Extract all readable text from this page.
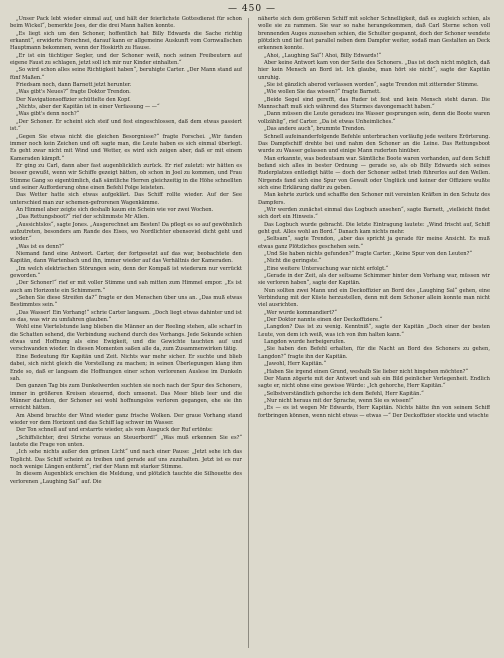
— 450 —

„Unser Pack lebt wieder einmal auf, und hält der feierlichste Gottesdienst für schon beim Wickel“, bemerkte Joes, der die drei Mann halten konnte.

„Es liegt sich um den Schoner, hoffentlich hat Billy Edwards die Sache richtig erkannt“, erwiderte Forschnei, darauf kann er allgemeine Auskunft vom Cornwallschen Hauptmann bekommen, wenn der Hoskirth zu Hause.

„Er ist ein tüchtiger Segler, und der Schoner weiß, noch seinen Freibeutern auf eigene Faust zu schlagen, jetzt soll ich mir nur Kinder einhalten.“

„So wird schon alles seine Richtigkeit haben“, beruhigte Carter. „Der Mann stand auf fünf Maßen.“

Friedsam noch, dann Barnett jetzt herunter.

„Was gibt's Neues?“ fragte Doktor Trendon.

Der Navigationsoffizier schüttelte den Kopf.

„Nichts, aber der Kapitän ist in einer Verfassung — —“

„Was gibt's denn noch?“

„Der Schoner. Er scheint sich steif und fest eingeschlossen, daß dem etwas passiert ist.“

„Gegen Sie etwas nicht die gleichen Besorgnisse?“ fragte Forschei. „Wir fanden immer noch kein Zeichen und oft sagte man, die Leute haben es sich einmal überlegt. Es geht zwar nicht mit Wind und Wetter, es wird sich zeigen aber, daß er mit einem Kameraden kämpft.“

Er ging zu Carl, dann aber fast augenblicklich zurück. Er rief zuletzt: wir hätten es besser gewußt, wenn wir Schiffe gezeigt hätten, ob schon in Joel zu kommen, und Frau Stimme Gang so eigentümlich, daß sämtliche Herren gleichzeitig in die Höhe schnellten und seiner Aufforderung ohne einen Befehl Folge leisteten.

Das Wetter hatte sich etwas aufgeklärt. Das Schiff rollte wieder. Auf der See unterschied man zur schemen-gefrorenen Wagenkämme.

An Himmel aber zeigte sich deshalb kaum ein Schein wie vor zwei Wochen.

„Das Rettungsboot?“ rief der schlimmste Mr Allen.

„Aussichtslos“, sagte Jones. „Ausgerechnet am Besten! Da pflegt es so auf gewöhnlich aufzutreten, besonders am Rande des Eises, wo Nordlichter ebensoviel dicht geht und wieder.“

„Was ist es denn?“

Niemand fand eine Antwort. Carter, der fortgesetzt auf das war, beobachtete den Kapitän, dann Wartenbach und ihn, immer wieder auf das Verhältnis der Kameraden.

„Im welch elektrischen Störungen sein, denn der Kompaß ist wiederum nur verrückt geworden.“

„Der Schoner!“ rief er mit voller Stimme und sah mitten zum Himmel empor. „Es ist auch am Horizonte ein Schimmern.“

„Sehen Sie diese Streifen da?“ fragte er den Menschen über uns an. „Das muß etwas Bestimmtes sein.“

„Das Wasser! Ein Vorhang!“ schrie Carter langsam. „Doch liegt etwas dahinter und ist es das, was wir zu umfahren glauben.“

Wohl eine Viertelstunde lang blieben die Männer an der Reeling stehen, alle scharf in die Schatten sehend, die Verbindung suchend durch des Vorhangs. Jede Sekunde schien etwas und Hoffnung als eine Ewigkeit, und die Gewichte tauchten auf und verschwanden wieder. In diesen Momenten saßen alle da, zum Zusammenwirken tätig.

Eine Bedeutung für Kapitän und Zeit. Nichts war mehr sicher. Er suchte und blieb dabei, sich nicht gleich die Vorstellung zu machen; in seinen Überlegungen klang ihm Ende so, daß er langsam die Hoffnungen einer schon verlorenen Auslese im Dunkeln sah.

Den ganzen Tag bis zum Dunkelwerden suchten sie noch nach der Spur des Schoners, immer in größeren Kreisen steuernd, doch umsonst. Das Meer blieb leer und die Männer dachten, der Schoner sei wohl hoffnungslos verloren gegangen, ehe sie ihn erreicht hätten.

Am Abend brachte der Wind wieder ganz frische Wolken. Der graue Vorhang stand wieder vor dem Horizont und das Schiff lag schwer im Wasser.

Der Ton schnell auf und erstarrte wieder, als vom Ausguck der Ruf ertönte:

„Schiffslichter, drei Striche voraus an Steuerbord!“ „Was muß erkennen Sie es?“ lautete die Frage von unten.

„Ich sehe nichts außer den grünen Licht“ und nach einer Pause: „Jetzt sehe ich das Toplicht. Das Schiff scheint zu treiben und gerade auf uns zuzuhalten. Jetzt ist es nur noch wenige Längen entfernt“, rief der Mann mit starker Stimme.

In diesem Augenblick erschien die Meldung, und plötzlich tauchte die Silhouette des verlorenen „Laughing Sal“ auf. Die

näherte sich dem größeren Schiff mit solcher Schnelligkeit, daß es zugleich schien, als wolle sie zu rammen. Sie war so nahe herangekommen, daß Carl Sterne schon voll brennenden Auges zuzusehen schien, die Schulter gespannt, doch der Schoner wendete plötzlich und lief fast parallel neben dem Dampfer weiter, sodaß man Gestalten an Deck erkennen konnte.

„Ahoi, „Laughing Sal“! Ahoi, Billy Edwards!“

Aber keine Antwort kam von der Seite des Schoners. „Das ist doch nicht möglich, daß hier kein Mensch an Bord ist. Ich glaube, man hört sie nicht“, sagte der Kapitän unruhig.

„Sie ist gänzlich aberod verlassen worden“, sagte Trendon mit zitternder Stimme.

„Wie wollen Sie das wissen?“ fragte Barnett.

„Beide Segel sind gerefft, das Ruder ist fest und kein Mensch steht daran. Die Mannschaft muß sich während des Sturmes davongemacht haben.“

„Dann müssen die Leute geradezu ins Wasser gesprungen sein, denn die Boote waren vollzählig“, rief Carter. „Da ist etwas Unheimliches.“

„Das andere auch“, brummte Trendon.

Schnell aufeinanderfolgende Befehle unterbrachen vorläufig jede weitere Erörterung. Das Dampfschiff drehte bei und nahm den Schoner an die Leine. Das Rettungsboot wurde zu Wasser gelassen und einige Mann ruderten hinüber.

Man erkannte, was bedeutsam war. Sämtliche Boote waren vorhanden, auf dem Schiff befand sich alles in bester Ordnung — gerade so, als ob Billy Edwards sich seines Ruderplatzes entledigt hätte — doch der Schoner selbst trieb führerlos auf den Wellen. Nirgends fand sich eine Spur von Gewalt oder Unglück und keiner der Offiziere wußte sich eine Erklärung dafür zu geben.

Man kehrte zurück und schaffte den Schoner mit vereinten Kräften in den Schutz des Dampfers.

„Wir werden zunächst einmal das Logbuch ansehen“, sagte Barnett, „vielleicht findet sich dort ein Hinweis.“

Das Logbuch wurde gebracht. Die letzte Eintragung lautete: „Wind frischt auf, Schiff geht gut. Alles wohl an Bord.“ Danach kam nichts mehr.

„Seltsam“, sagte Trendon, „aber das spricht ja gerade für meine Ansicht. Es muß etwas ganz Plötzliches geschehen sein.“

„Und Sie haben nichts gefunden?“ fragte Carter. „Keine Spur von den Leuten?“

„Nicht die geringste.“

„Eine weitere Untersuchung war nicht erfolgt.“

„Gerade in der Zeit, als der seltsame Schimmer hinter dem Vorhang war, müssen wir sie verloren haben“, sagte der Kapitän.

Nun sollten zwei Mann und ein Deckoffizier an Bord des „Laughing Sal“ gehen, eine Verbindung mit der Küste herzustellen, denn mit dem Schoner allein konnte man nicht viel ausrichten.

„Wer wurde kommandiert?“

„Der Doktor nannte einen der Deckoffiziere.“

„Langdon? Das ist zu wenig. Kenntniß“, sagte der Kapitän „Doch einer der besten Leute, von dem ich weiß, was ich von ihm halten kann.“

Langdon wurde herbeigerufen.

„Sie haben den Befehl erhalten, für die Nacht an Bord des Schoners zu gehen, Langdon?“ fragte ihn der Kapitän.

„Jawohl, Herr Kapitän.“

„Haben Sie irgend einen Grund, weshalb Sie lieber nicht hingehen möchten?“

Der Mann zögerte mit der Antwort und sah ein Bild peinlicher Verlegenheit. Endlich sagte er, nicht ohne eine gewisse Würde: „Ich gehorche, Herr Kapitän.“

„Selbstverständlich gehorche ich dem Befehl, Herr Kapitän.“

„Nur nicht heraus mit der Sprache, wenn Sie es wissen!“

„Es — es ist wegen Mr Edwards, Herr Kapitän. Nichts hätte ihn von seinem Schiff fortbringen können, wenn nicht etwas — etwas —“ Der Deckoffizier stockte und wischte
